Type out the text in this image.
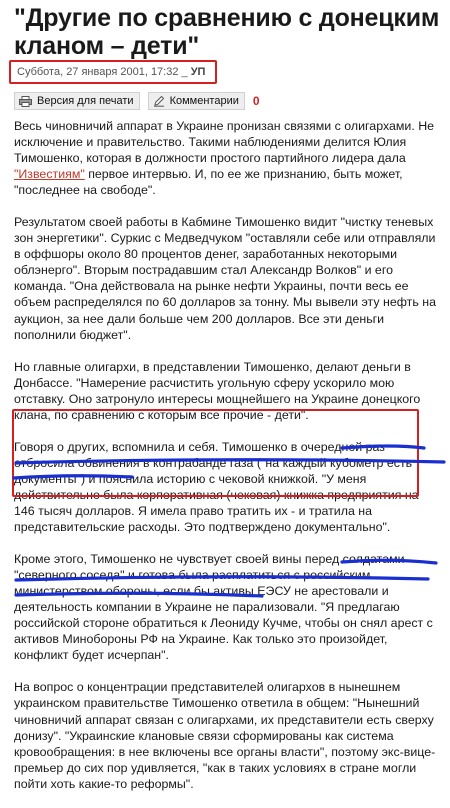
"Другие по сравнению с донецким кланом – дети"
Суббота, 27 января 2001, 17:32 _ УП
Версия для печати	Комментарии 0

Весь чиновничий аппарат в Украине пронизан связями с олигархами. Не исключение и правительство. Такими наблюдениями делится Юлия Тимошенко, которая в должности простого партийного лидера дала "Известиям" первое интервью. И, по ее же признанию, быть может, "последнее на свободе".

Результатом своей работы в Кабмине Тимошенко видит "чистку теневых зон энергетики". Суркис с Медведчуком "оставляли себе или отправляли в оффшоры около 80 процентов денег, заработанных некоторыми облэнерго". Вторым пострадавшим стал Александр Волков" и его команда. "Она действовала на рынке нефти Украины, почти весь ее объем распределялся по 60 долларов за тонну. Мы вывели эту нефть на аукцион, за нее дали больше чем 200 долларов. Все эти деньги пополнили бюджет".

Но главные олигархи, в представлении Тимошенко, делают деньги в Донбассе. "Намерение расчистить угольную сферу ускорило мою отставку. Оно затронуло интересы мощнейшего на Украине донецкого клана, по сравнению с которым все прочие - дети".

Говоря о других, вспомнила и себя. Тимошенко в очередной раз отбросила обвинения в контрабанде газа ("на каждый кубометр есть документы") и пояснила историю с чековой книжкой. "У меня действительно была корпоративная (чековая) книжка предприятия на 146 тысяч долларов. Я имела право тратить их - и тратила на представительские расходы. Это подтверждено документально".

Кроме этого, Тимошенко не чувствует своей вины перед солдатами "северного соседа" и готова была расплатиться с российским министерством обороны, если бы активы ЕЭСУ не арестовали и деятельность компании в Украине не парализовали. "Я предлагаю российской стороне обратиться к Леониду Кучме, чтобы он снял арест с активов Минобороны РФ на Украине. Как только это произойдет, конфликт будет исчерпан".

На вопрос о концентрации представителей олигархов в нынешнем украинском правительстве Тимошенко ответила в общем: "Нынешний чиновничий аппарат связан с олигархами, их представители есть сверху донизу". "Украинские клановые связи сформированы как система кровообращения: в нее включены все органы власти", поэтому экс-вице-премьер до сих пор удивляется, "как в таких условиях в стране могли пойти хоть какие-то реформы".
